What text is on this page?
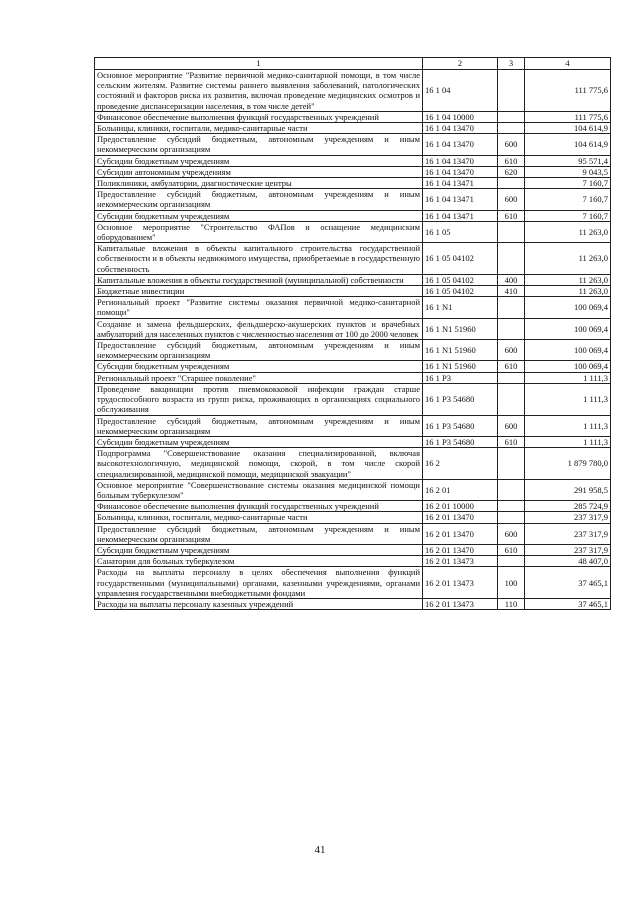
1	2	3	4
Основное мероприятие "Развитие первичной медико-санитарной помощи, в том числе сельским жителям. Развитие системы раннего выявления заболеваний, патологических состояний и факторов риска их развития, включая проведение медицинских осмотров и проведение диспансеризации населения, в том числе детей"	16 1 04		111 775,6
Финансовое обеспечение выполнения функций государственных учреждений	16 1 04 10000		111 775,6
Больницы, клиники, госпитали, медико-санитарные части	16 1 04 13470		104 614,9
Предоставление субсидий бюджетным, автономным учреждениям и иным некоммерческим организациям	16 1 04 13470	600	104 614,9
Субсидии бюджетным учреждениям	16 1 04 13470	610	95 571,4
Субсидии автономным учреждениям	16 1 04 13470	620	9 043,5
Поликлиники, амбулатории, диагностические центры	16 1 04 13471		7 160,7
Предоставление субсидий бюджетным, автономным учреждениям и иным некоммерческим организациям	16 1 04 13471	600	7 160,7
Субсидии бюджетным учреждениям	16 1 04 13471	610	7 160,7
Основное мероприятие "Строительство ФАПов и оснащение медицинским оборудованием"	16 1 05		11 263,0
Капитальные вложения в объекты капитального строительства государственной собственности и в объекты недвижимого имущества, приобретаемые в государственную собственность	16 1 05 04102		11 263,0
Капитальные вложения в объекты государственной (муниципальной) собственности	16 1 05 04102	400	11 263,0
Бюджетные инвестиции	16 1 05 04102	410	11 263,0
Региональный проект "Развитие системы оказания первичной медико-санитарной помощи"	16 1 N1		100 069,4
Создание и замена фельдшерских, фельдшерско-акушерских пунктов и врачебных амбулаторий для населенных пунктов с численностью населения от 100 до 2000 человек	16 1 N1 51960		100 069,4
Предоставление субсидий бюджетным, автономным учреждениям и иным некоммерческим организациям	16 1 N1 51960	600	100 069,4
Субсидии бюджетным учреждениям	16 1 N1 51960	610	100 069,4
Региональный проект "Старшее поколение"	16 1 P3		1 111,3
Проведение вакцинации против пневмококковой инфекции граждан старше трудоспособного возраста из групп риска, проживающих в организациях социального обслуживания	16 1 P3 54680		1 111,3
Предоставление субсидий бюджетным, автономным учреждениям и иным некоммерческим организациям	16 1 P3 54680	600	1 111,3
Субсидии бюджетным учреждениям	16 1 P3 54680	610	1 111,3
Подпрограмма "Совершенствование оказания специализированной, включая высокотехнологичную, медицинской помощи, скорой, в том числе скорой специализированной, медицинской помощи, медицинской эвакуации"	16 2		1 879 780,0
Основное мероприятие "Совершенствование системы оказания медицинской помощи больным туберкулезом"	16 2 01		291 958,5
Финансовое обеспечение выполнения функций государственных учреждений	16 2 01 10000		285 724,9
Больницы, клиники, госпитали, медико-санитарные части	16 2 01 13470		237 317,9
Предоставление субсидий бюджетным, автономным учреждениям и иным некоммерческим организациям	16 2 01 13470	600	237 317,9
Субсидии бюджетным учреждениям	16 2 01 13470	610	237 317,9
Санатории для больных туберкулезом	16 2 01 13473		48 407,0
Расходы на выплаты персоналу в целях обеспечения выполнения функций государственными (муниципальными) органами, казенными учреждениями, органами управления государственными внебюджетными фондами	16 2 01 13473	100	37 465,1
Расходы на выплаты персоналу казенных учреждений	16 2 01 13473	110	37 465,1
41
